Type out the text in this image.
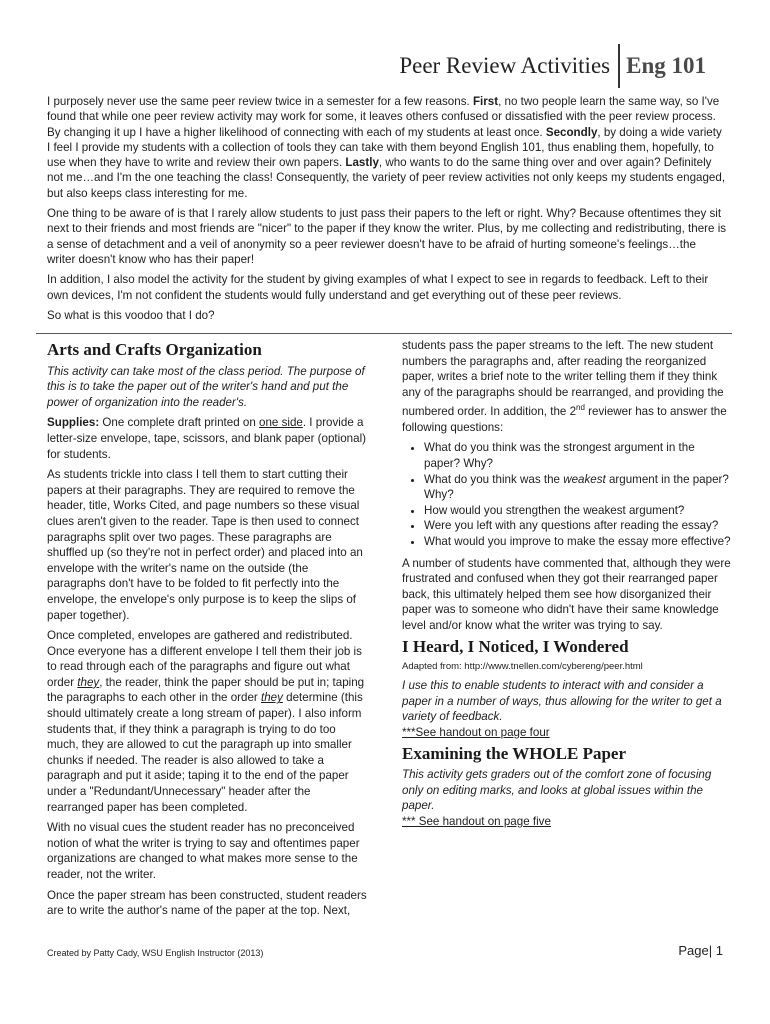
Peer Review Activities Eng 101

I purposely never use the same peer review twice in a semester for a few reasons. First, no two people learn the same way, so I've found that while one peer review activity may work for some, it leaves others confused or dissatisfied with the peer review process. By changing it up I have a higher likelihood of connecting with each of my students at least once. Secondly, by doing a wide variety I feel I provide my students with a collection of tools they can take with them beyond English 101, thus enabling them, hopefully, to use when they have to write and review their own papers. Lastly, who wants to do the same thing over and over again? Definitely not me…and I'm the one teaching the class! Consequently, the variety of peer review activities not only keeps my students engaged, but also keeps class interesting for me.

One thing to be aware of is that I rarely allow students to just pass their papers to the left or right. Why? Because oftentimes they sit next to their friends and most friends are "nicer" to the paper if they know the writer. Plus, by me collecting and redistributing, there is a sense of detachment and a veil of anonymity so a peer reviewer doesn't have to be afraid of hurting someone's feelings…the writer doesn't know who has their paper!

In addition, I also model the activity for the student by giving examples of what I expect to see in regards to feedback. Left to their own devices, I'm not confident the students would fully understand and get everything out of these peer reviews.

So what is this voodoo that I do?

Arts and Crafts Organization

This activity can take most of the class period. The purpose of this is to take the paper out of the writer's hand and put the power of organization into the reader's.

Supplies: One complete draft printed on one side. I provide a letter-size envelope, tape, scissors, and blank paper (optional) for students.

As students trickle into class I tell them to start cutting their papers at their paragraphs. They are required to remove the header, title, Works Cited, and page numbers so these visual clues aren't given to the reader. Tape is then used to connect paragraphs split over two pages. These paragraphs are shuffled up (so they're not in perfect order) and placed into an envelope with the writer's name on the outside (the paragraphs don't have to be folded to fit perfectly into the envelope, the envelope's only purpose is to keep the slips of paper together).

Once completed, envelopes are gathered and redistributed. Once everyone has a different envelope I tell them their job is to read through each of the paragraphs and figure out what order they, the reader, think the paper should be put in; taping the paragraphs to each other in the order they determine (this should ultimately create a long stream of paper). I also inform students that, if they think a paragraph is trying to do too much, they are allowed to cut the paragraph up into smaller chunks if needed. The reader is also allowed to take a paragraph and put it aside; taping it to the end of the paper under a "Redundant/Unnecessary" header after the rearranged paper has been completed.

With no visual cues the student reader has no preconceived notion of what the writer is trying to say and oftentimes paper organizations are changed to what makes more sense to the reader, not the writer.

Once the paper stream has been constructed, student readers are to write the author's name of the paper at the top. Next,

students pass the paper streams to the left. The new student numbers the paragraphs and, after reading the reorganized paper, writes a brief note to the writer telling them if they think any of the paragraphs should be rearranged, and providing the numbered order. In addition, the 2nd reviewer has to answer the following questions:

• What do you think was the strongest argument in the paper? Why?
• What do you think was the weakest argument in the paper? Why?
• How would you strengthen the weakest argument?
• Were you left with any questions after reading the essay?
• What would you improve to make the essay more effective?

A number of students have commented that, although they were frustrated and confused when they got their rearranged paper back, this ultimately helped them see how disorganized their paper was to someone who didn't have their same knowledge level and/or know what the writer was trying to say.

I Heard, I Noticed, I Wondered

Adapted from: http://www.tnellen.com/cybereng/peer.html

I use this to enable students to interact with and consider a paper in a number of ways, thus allowing for the writer to get a variety of feedback.

***See handout on page four

Examining the WHOLE Paper

This activity gets graders out of the comfort zone of focusing only on editing marks, and looks at global issues within the paper.

*** See handout on page five

Created by Patty Cady, WSU English Instructor (2013)	Page| 1
